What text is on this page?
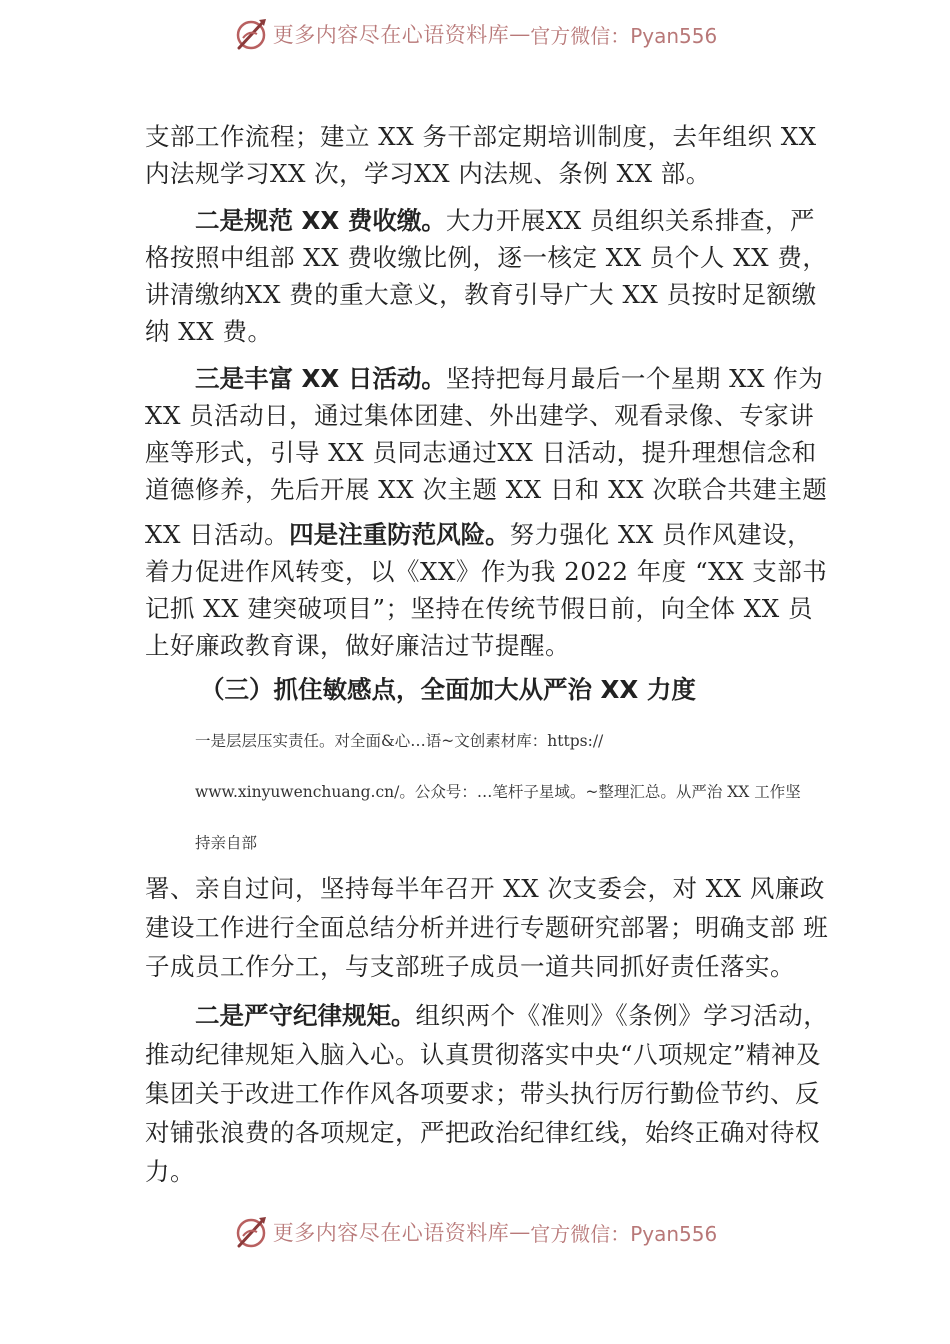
更多内容尽在心语资料库 — 官方微信：Pyan556

支部工作流程；建立 XX 务干部定期培训制度，去年组织 XX 内法规学习XX 次，学习XX 内法规、条例 XX 部。

二是规范 XX 费收缴。大力开展XX 员组织关系排查，严格按照中组部 XX 费收缴比例，逐一核定 XX 员个人 XX 费，讲清缴纳XX 费的重大意义，教育引导广大 XX 员按时足额缴纳 XX 费。

三是丰富 XX 日活动。坚持把每月最后一个星期 XX 作为 XX 员活动日，通过集体团建、外出建学、观看录像、专家讲座等形式，引导 XX 员同志通过XX 日活动，提升理想信念和道德修养，先后开展 XX 次主题 XX 日和 XX 次联合共建主题

XX 日活动。四是注重防范风险。努力强化 XX 员作风建设，着力促进作风转变，以《XX》作为我 2022 年度 “XX 支部书记抓 XX 建突破项目”；坚持在传统节假日前，向全体 XX 员上好廉政教育课，做好廉洁过节提醒。

（三）抓住敏感点，全面加大从严治 XX 力度

一是层层压实责任。对全面&心…语~文创素材库：https://

www.xinyuwenchuang.cn/。公众号：…笔杆子星域。~整理汇总。从严治 XX 工作坚

持亲自部

署、亲自过问，坚持每半年召开 XX 次支委会，对 XX 风廉政建设工作进行全面总结分析并进行专题研究部署；明确支部 班子成员工作分工，与支部班子成员一道共同抓好责任落实。

二是严守纪律规矩。组织两个《准则》《条例》学习活动，推动纪律规矩入脑入心。认真贯彻落实中央“八项规定”精神及集团关于改进工作作风各项要求；带头执行厉行勤俭节约、反对铺张浪费的各项规定，严把政治纪律红线，始终正确对待权力。

更多内容尽在心语资料库 — 官方微信：Pyan556
